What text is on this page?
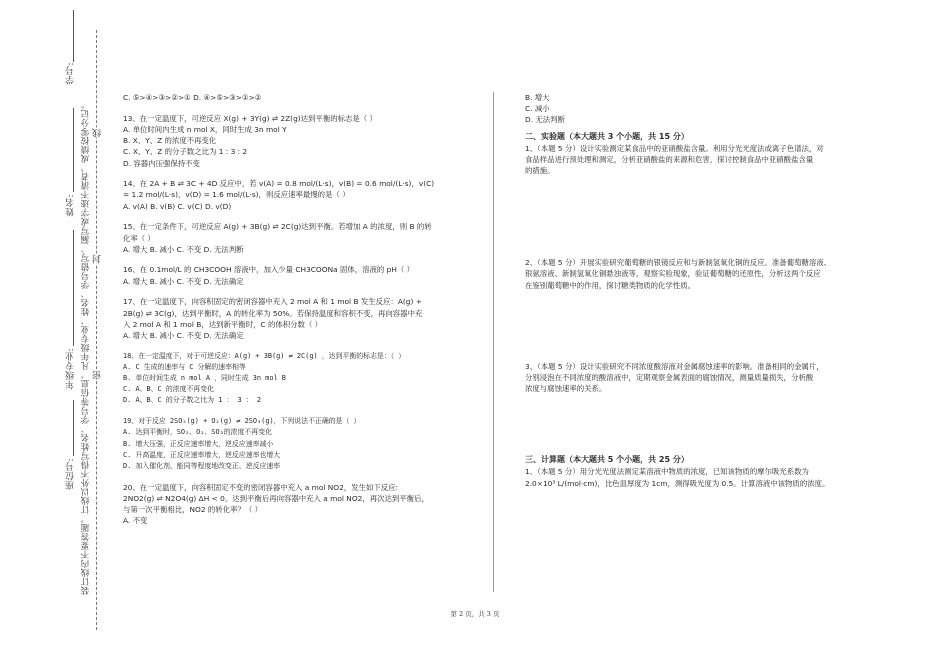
学号:
姓名:
年级专业:
座位号: 装订线内不要答题，订线以外不得写姓名、学号等信息，凡年级专业、姓名、学号错写、漏写或字迹不清者，成绩按零分记。 线
封
密

C. ⑤>④>③>②>① D. ④>⑤>③>①>②

13、在一定温度下，可逆反应 X(g) + 3Y(g) ⇌ 2Z(g)达到平衡的标志是（ ）

A. 单位时间内生成 n mol X，同时生成 3n mol Y

B. X、Y、Z 的浓度不再变化

C. X、Y、Z 的分子数之比为 1 : 3 : 2

D. 容器内压强保持不变

14、在 2A + B ⇌ 3C + 4D 反应中，若 v(A) = 0.8 mol/(L·s)，v(B) = 0.6 mol/(L·s)，v(C)

= 1.2 mol/(L·s)，v(D) = 1.6 mol/(L·s)，则反应速率最慢的是（ ）

A. v(A) B. v(B) C. v(C) D. v(D)

15、在一定条件下，可逆反应 A(g) + 3B(g) ⇌ 2C(g)达到平衡。若增加 A 的浓度，则 B 的转

化率（ ）

A. 增大 B. 减小 C. 不变 D. 无法判断

16、在 0.1mol/L 的 CH3COOH 溶液中，加入少量 CH3COONa 固体，溶液的 pH（ ）

A. 增大 B. 减小 C. 不变 D. 无法确定

17、在一定温度下，向容积固定的密闭容器中充入 2 mol A 和 1 mol B 发生反应：A(g) +

2B(g) ⇌ 3C(g)，达到平衡时，A 的转化率为 50%。若保持温度和容积不变，再向容器中充

入 2 mol A 和 1 mol B，达到新平衡时，C 的体积分数（ ）

A. 增大 B. 减小 C. 不变 D. 无法确定

18、在一定温度下，对于可逆反应：A(g) + 3B(g) ⇌ 2C(g) ，达到平衡的标志是：（ ）

A. C 生成的速率与 C 分解的速率相等

B. 单位时间生成 n mol A ，同时生成 3n mol B

C. A、B、C 的浓度不再变化

D. A、B、C 的分子数之比为 1 ： 3 ： 2

19、对于反应 2SO₂(g) + O₂(g) ⇌ 2SO₃(g)，下列说法不正确的是（ ）

A. 达到平衡时，SO₂、O₂、SO₃的浓度不再变化

B. 增大压强，正反应速率增大，逆反应速率减小

C. 升高温度，正反应速率增大，逆反应速率也增大

D. 加入催化剂，能同等程度地改变正、逆反应速率

20、在一定温度下，向容积固定不变的密闭容器中充入 a mol NO2，发生如下反应:

2NO2(g) ⇌ N2O4(g) ΔH < 0。达到平衡后再向容器中充入 a mol NO2，再次达到平衡后，

与第一次平衡相比，NO2 的转化率？（ ）

A. 不变

B. 增大

C. 减小

D. 无法判断

二、实验题（本大题共 3 个小题，共 15 分）

1、（本题 5 分）设计实验测定某食品中的亚硝酸盐含量。利用分光光度法或离子色谱法，对

食品样品进行预处理和测定，分析亚硝酸盐的来源和危害，探讨控制食品中亚硝酸盐含量

的措施。

2、（本题 5 分）开展实验研究葡萄糖的银镜反应和与新制氢氧化铜的反应。准备葡萄糖溶液、

银氨溶液、新制氢氧化铜悬浊液等，观察实验现象，验证葡萄糖的还原性，分析这两个反应

在鉴别葡萄糖中的作用，探讨糖类物质的化学性质。

3、（本题 5 分）设计实验研究不同浓度酸溶液对金属腐蚀速率的影响。准备相同的金属片，

分别浸泡在不同浓度的酸溶液中，定期观察金属表面的腐蚀情况，测量质量损失，分析酸

浓度与腐蚀速率的关系。

三、计算题（本大题共 5 个小题，共 25 分）

1、（本题 5 分）用分光光度法测定某溶液中物质的浓度，已知该物质的摩尔吸光系数为

2.0×10³ L/(mol·cm)，比色皿厚度为 1cm，测得吸光度为 0.5。计算溶液中该物质的浓度。

第 2 页，共 3 页
